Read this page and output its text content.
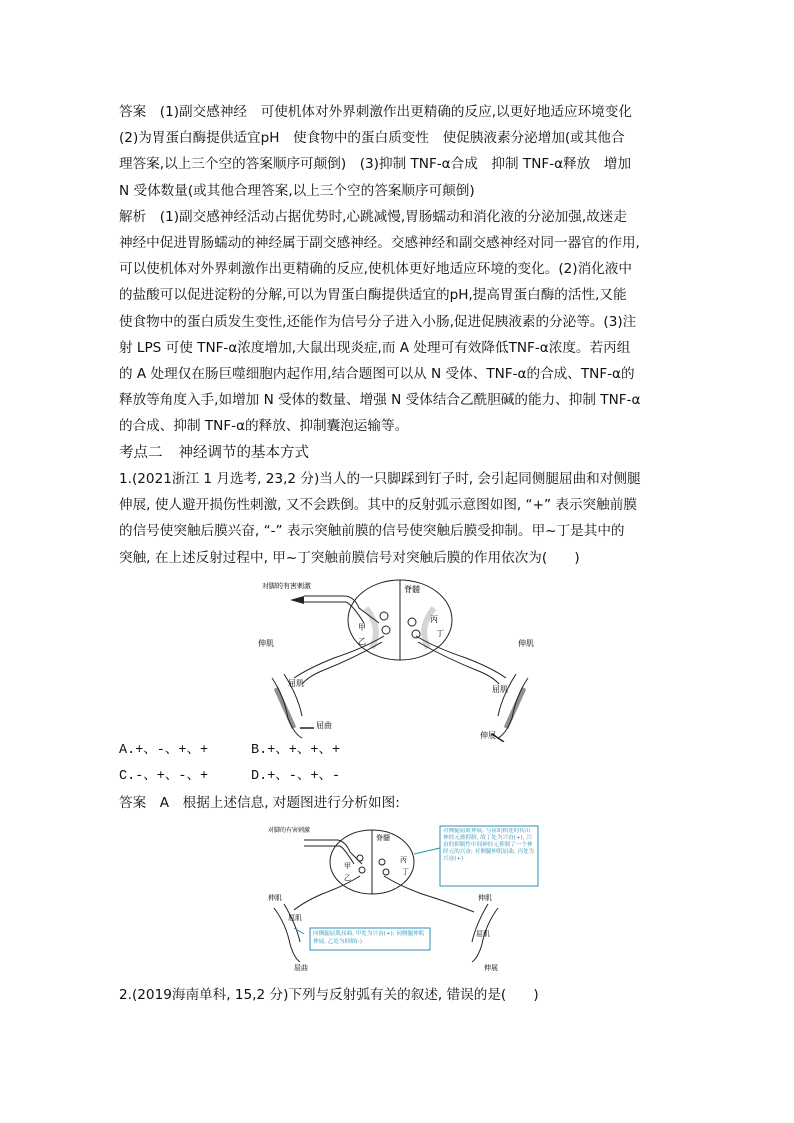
答案　(1)副交感神经　可使机体对外界刺激作出更精确的反应,以更好地适应环境变化

(2)为胃蛋白酶提供适宜pH　使食物中的蛋白质变性　使促胰液素分泌增加(或其他合

理答案,以上三个空的答案顺序可颠倒)　(3)抑制 TNF-α合成　抑制 TNF-α释放　增加

N 受体数量(或其他合理答案,以上三个空的答案顺序可颠倒)

解析　(1)副交感神经活动占据优势时,心跳减慢,胃肠蠕动和消化液的分泌加强,故迷走

神经中促进胃肠蠕动的神经属于副交感神经。交感神经和副交感神经对同一器官的作用,

可以使机体对外界刺激作出更精确的反应,使机体更好地适应环境的变化。(2)消化液中

的盐酸可以促进淀粉的分解,可以为胃蛋白酶提供适宜的pH,提高胃蛋白酶的活性,又能

使食物中的蛋白质发生变性,还能作为信号分子进入小肠,促进促胰液素的分泌等。(3)注

射 LPS 可使 TNF-α浓度增加,大鼠出现炎症,而 A 处理可有效降低TNF-α浓度。若丙组

的 A 处理仅在肠巨噬细胞内起作用,结合题图可以从 N 受体、TNF-α的合成、TNF-α的

释放等角度入手,如增加 N 受体的数量、增强 N 受体结合乙酰胆碱的能力、抑制 TNF-α

的合成、抑制 TNF-α的释放、抑制囊泡运输等。

考点二 神经调节的基本方式

1.(2021浙江 1 月选考, 23,2 分)当人的一只脚踩到钉子时, 会引起同侧腿屈曲和对侧腿

伸展, 使人避开损伤性刺激, 又不会跌倒。其中的反射弧示意图如图, “+” 表示突触前膜

的信号使突触后膜兴奋, “-” 表示突触前膜的信号使突触后膜受抑制。甲~丁是其中的

突触, 在上述反射过程中, 甲~丁突触前膜信号对突触后膜的作用依次为(　　)

对脚的有害刺激	脊髓
甲
乙
丙
丁
伸肌
屈肌
屈曲
伸肌
屈肌
伸展
A.+、-、+、+	B.+、+、+、+
C.-、+、-、+	D.+、-、+、-

答案　A　根据上述信息, 对题图进行分析如图:

对侧腿屈肌伸展, 与屈肌相连的传出神经元被抑制, 故丁处为兴奋(+), 兴奋的抑制性中间神经元抑制了一个神经元的兴奋; 对侧腿伸肌屈曲, 丙处为兴奋(+)
同侧腿屈肌屈曲, 甲处为兴奋(+); 同侧腿伸肌伸展, 乙处为抑制(-)
对脚的有害刺激
脊髓
甲
乙
丙
丁
伸肌
屈肌
屈曲
伸肌
屈肌
伸展

2.(2019海南单科, 15,2 分)下列与反射弧有关的叙述, 错误的是(　　)
